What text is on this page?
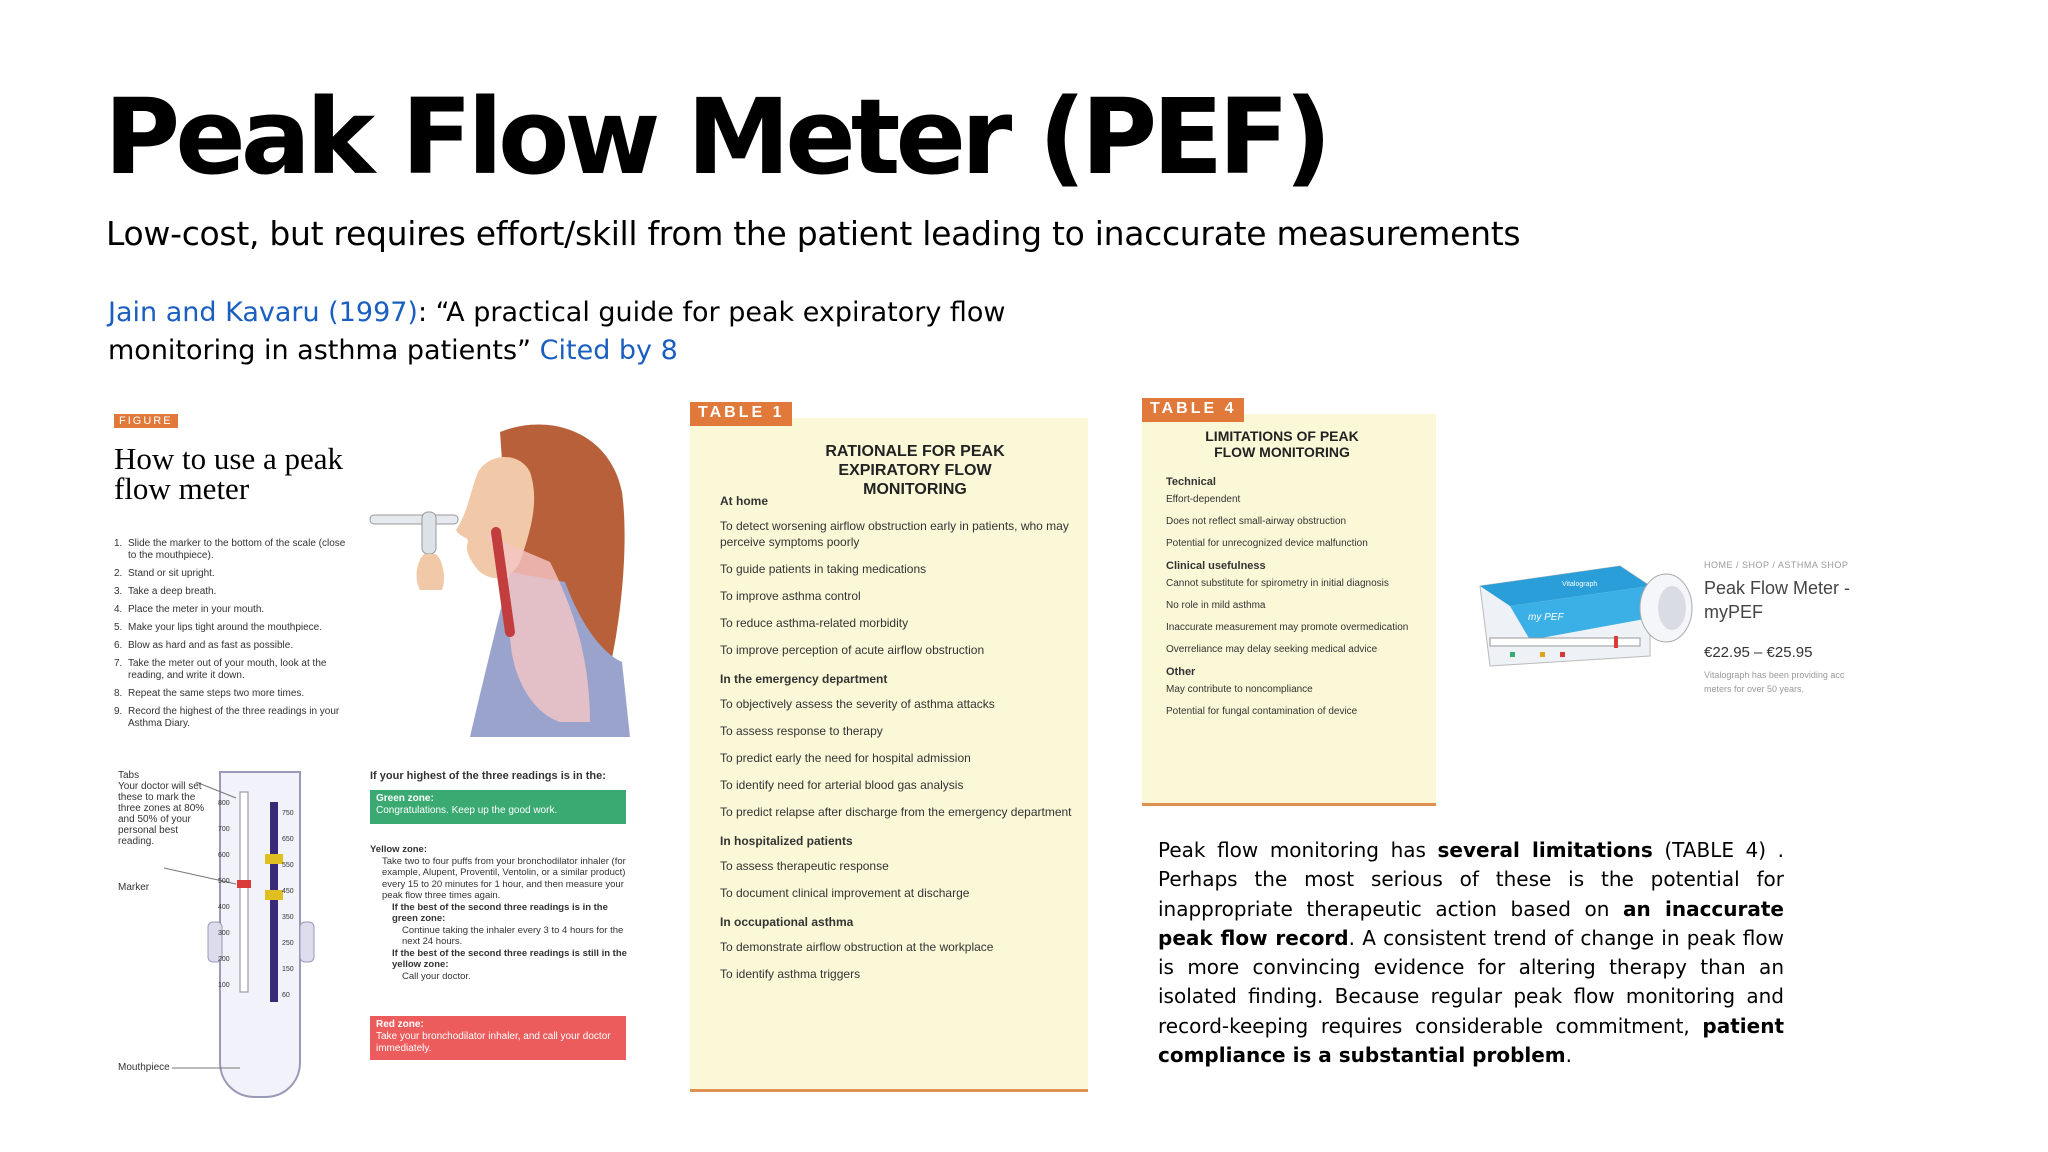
Peak Flow Meter (PEF)
Low-cost, but requires effort/skill from the patient leading to inaccurate measurements
Jain and Kavaru (1997): “A practical guide for peak expiratory flow monitoring in asthma patients” Cited by 8
FIGURE
How to use a peak flow meter
1. Slide the marker to the bottom of the scale (close to the mouthpiece).
2. Stand or sit upright.
3. Take a deep breath.
4. Place the meter in your mouth.
5. Make your lips tight around the mouthpiece.
6. Blow as hard and as fast as possible.
7. Take the meter out of your mouth, look at the reading, and write it down.
8. Repeat the same steps two more times.
9. Record the highest of the three readings in your Asthma Diary.
Tabs
Your doctor will set these to mark the three zones at 80% and 50% of your personal best reading.
Marker
Mouthpiece
800
700
600
500
400
300
200
100
750
650
550
450
350
250
150
60
If your highest of the three readings is in the:
Green zone:
Congratulations. Keep up the good work.
Yellow zone:
Take two to four puffs from your bronchodilator inhaler (for example, Alupent, Proventil, Ventolin, or a similar product) every 15 to 20 minutes for 1 hour, and then measure your peak flow three times again.
If the best of the second three readings is in the green zone:
Continue taking the inhaler every 3 to 4 hours for the next 24 hours.
If the best of the second three readings is still in the yellow zone:
Call your doctor.
Red zone:
Take your bronchodilator inhaler, and call your doctor immediately.
RATIONALE FOR PEAK EXPIRATORY FLOW MONITORING
At home
To detect worsening airflow obstruction early in patients, who may perceive symptoms poorly
To guide patients in taking medications
To improve asthma control
To reduce asthma-related morbidity
To improve perception of acute airflow obstruction
In the emergency department
To objectively assess the severity of asthma attacks
To assess response to therapy
To predict early the need for hospital admission
To identify need for arterial blood gas analysis
To predict relapse after discharge from the emergency department
In hospitalized patients
To assess therapeutic response
To document clinical improvement at discharge
In occupational asthma
To demonstrate airflow obstruction at the workplace
To identify asthma triggers
TABLE 1
LIMITATIONS OF PEAK FLOW MONITORING
Technical
Effort-dependent
Does not reflect small-airway obstruction
Potential for unrecognized device malfunction
Clinical usefulness
Cannot substitute for spirometry in initial diagnosis
No role in mild asthma
Inaccurate measurement may promote overmedication
Overreliance may delay seeking medical advice
Other
May contribute to noncompliance
Potential for fungal contamination of device
TABLE 4
Vitalograph
my PEF
HOME / SHOP / ASTHMA SHOP
Peak Flow Meter - myPEF
€22.95 – €25.95
Vitalograph has been providing acc meters for over 50 years.
Peak flow monitoring has several limitations (TABLE 4) . Perhaps the most serious of these is the potential for inappropriate therapeutic action based on an inaccurate peak flow record. A consistent trend of change in peak flow is more convincing evidence for altering therapy than an isolated finding. Because regular peak flow monitoring and record-keeping requires considerable commitment, patient compliance is a substantial problem.
